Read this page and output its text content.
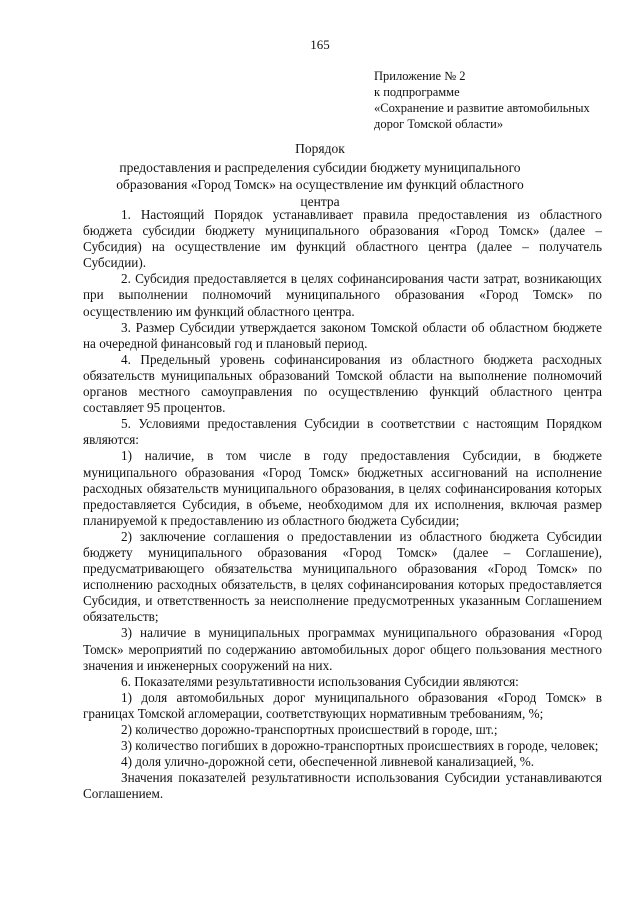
165
Приложение № 2
к подпрограмме
«Сохранение и развитие автомобильных
дорог Томской области»
Порядок
предоставления и распределения субсидии бюджету муниципального образования «Город Томск» на осуществление им функций областного центра

1. Настоящий Порядок устанавливает правила предоставления из областного бюджета субсидии бюджету муниципального образования «Город Томск» (далее – Субсидия) на осуществление им функций областного центра (далее – получатель Субсидии).

2. Субсидия предоставляется в целях софинансирования части затрат, возникающих при выполнении полномочий муниципального образования «Город Томск» по осуществлению им функций областного центра.

3. Размер Субсидии утверждается законом Томской области об областном бюджете на очередной финансовый год и плановый период.

4. Предельный уровень софинансирования из областного бюджета расходных обязательств муниципальных образований Томской области на выполнение полномочий органов местного самоуправления по осуществлению функций областного центра составляет 95 процентов.

5. Условиями предоставления Субсидии в соответствии с настоящим Порядком являются:

1) наличие, в том числе в году предоставления Субсидии, в бюджете муниципального образования «Город Томск» бюджетных ассигнований на исполнение расходных обязательств муниципального образования, в целях софинансирования которых предоставляется Субсидия, в объеме, необходимом для их исполнения, включая размер планируемой к предоставлению из областного бюджета Субсидии;

2) заключение соглашения о предоставлении из областного бюджета Субсидии бюджету муниципального образования «Город Томск» (далее – Соглашение), предусматривающего обязательства муниципального образования «Город Томск» по исполнению расходных обязательств, в целях софинансирования которых предоставляется Субсидия, и ответственность за неисполнение предусмотренных указанным Соглашением обязательств;

3) наличие в муниципальных программах муниципального образования «Город Томск» мероприятий по содержанию автомобильных дорог общего пользования местного значения и инженерных сооружений на них.

6. Показателями результативности использования Субсидии являются:

1) доля автомобильных дорог муниципального образования «Город Томск» в границах Томской агломерации, соответствующих нормативным требованиям, %;

2) количество дорожно-транспортных происшествий в городе, шт.;

3) количество погибших в дорожно-транспортных происшествиях в городе, человек;

4) доля улично-дорожной сети, обеспеченной ливневой канализацией, %.

Значения показателей результативности использования Субсидии устанавливаются Соглашением.
